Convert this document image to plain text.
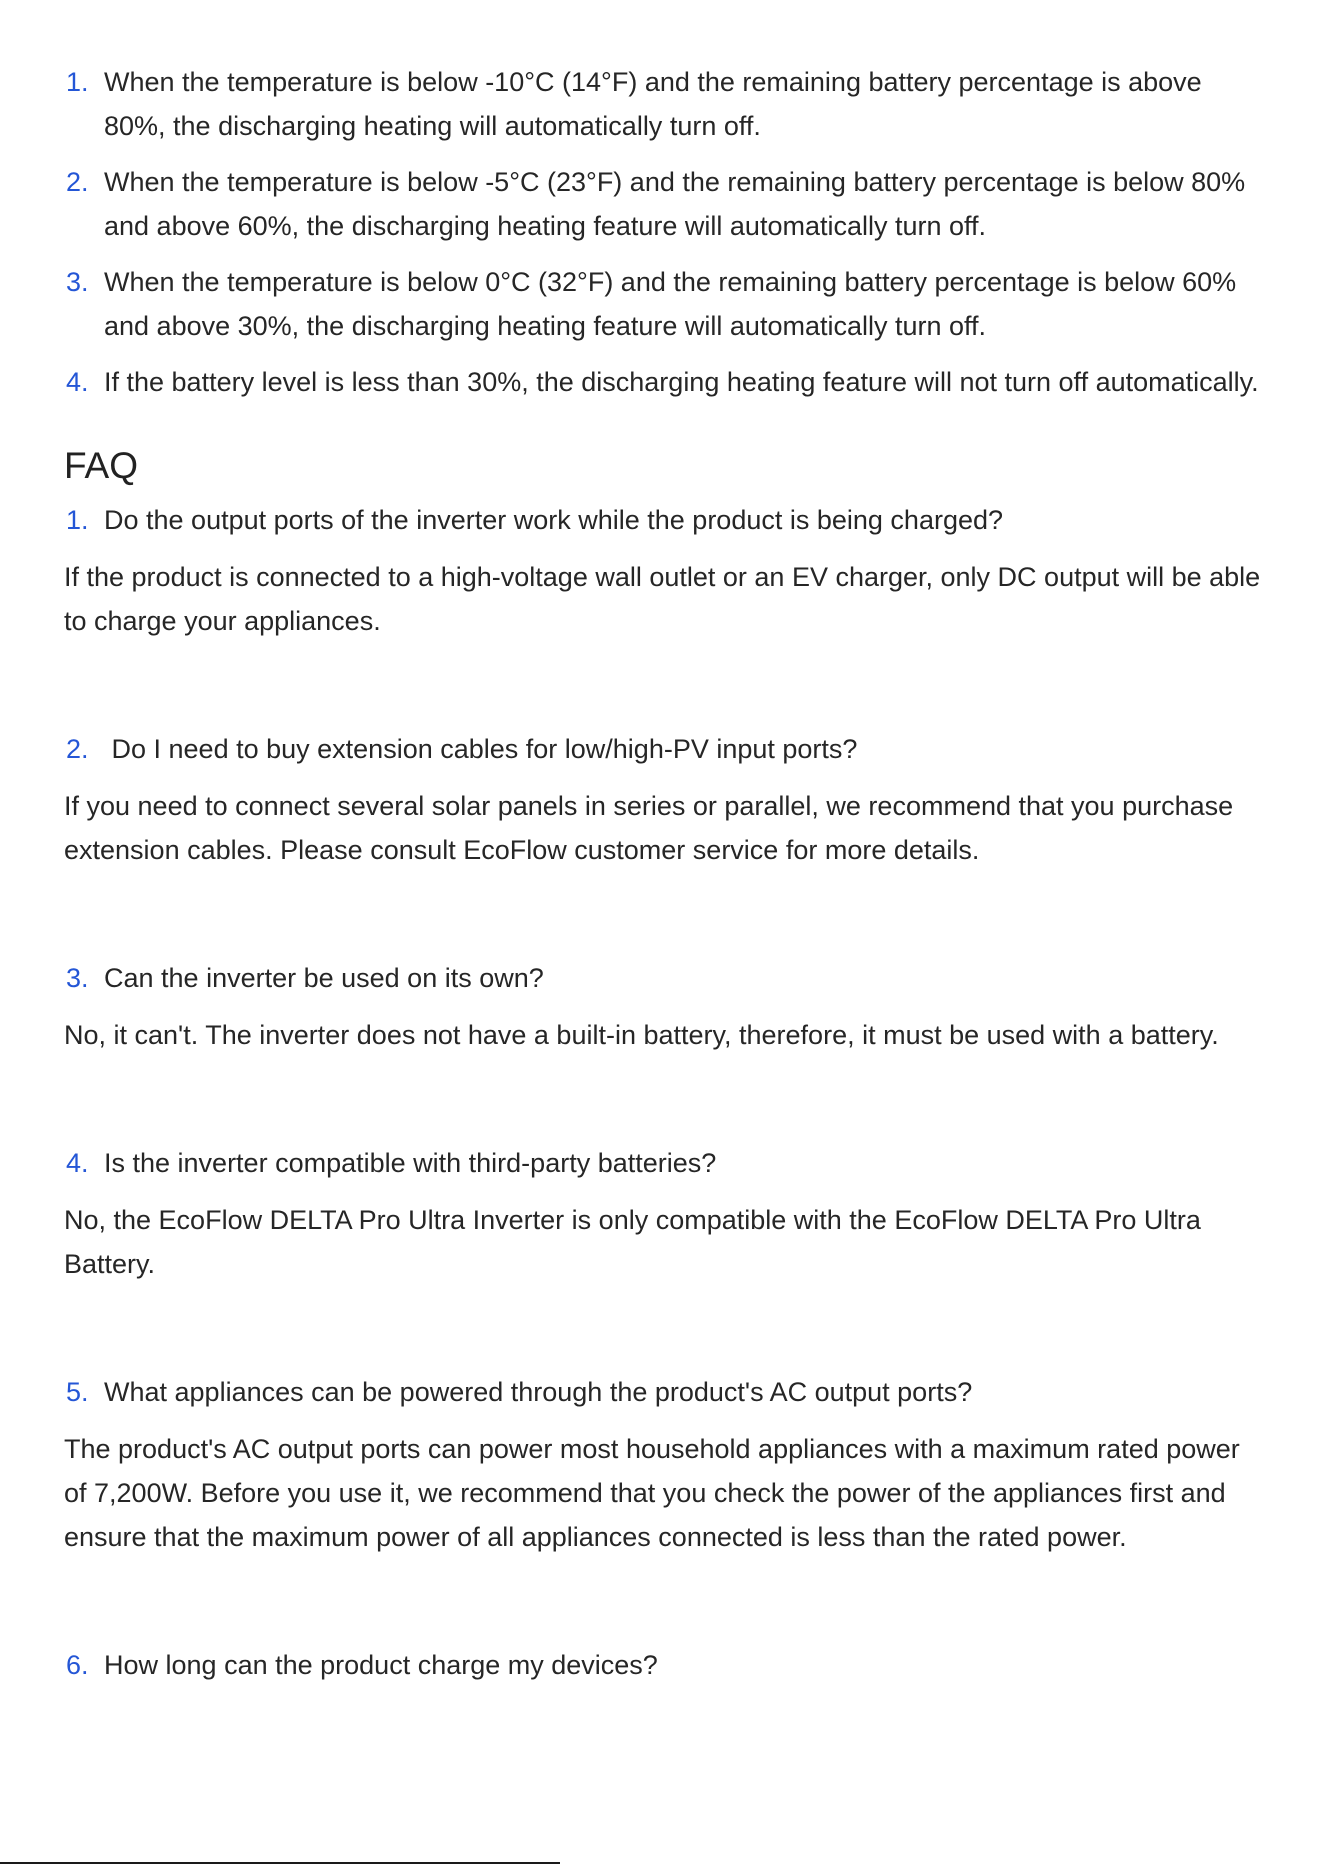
1. When the temperature is below -10°C (14°F) and the remaining battery percentage is above 80%, the discharging heating will automatically turn off.
2. When the temperature is below -5°C (23°F) and the remaining battery percentage is below 80% and above 60%, the discharging heating feature will automatically turn off.
3. When the temperature is below 0°C (32°F) and the remaining battery percentage is below 60% and above 30%, the discharging heating feature will automatically turn off.
4. If the battery level is less than 30%, the discharging heating feature will not turn off automatically.
FAQ
1. Do the output ports of the inverter work while the product is being charged?
If the product is connected to a high-voltage wall outlet or an EV charger, only DC output will be able to charge your appliances.
2. Do I need to buy extension cables for low/high-PV input ports?
If you need to connect several solar panels in series or parallel, we recommend that you purchase extension cables. Please consult EcoFlow customer service for more details.
3. Can the inverter be used on its own?
No, it can't. The inverter does not have a built-in battery, therefore, it must be used with a battery.
4. Is the inverter compatible with third-party batteries?
No, the EcoFlow DELTA Pro Ultra Inverter is only compatible with the EcoFlow DELTA Pro Ultra Battery.
5. What appliances can be powered through the product's AC output ports?
The product's AC output ports can power most household appliances with a maximum rated power of 7,200W. Before you use it, we recommend that you check the power of the appliances first and ensure that the maximum power of all appliances connected is less than the rated power.
6. How long can the product charge my devices?
